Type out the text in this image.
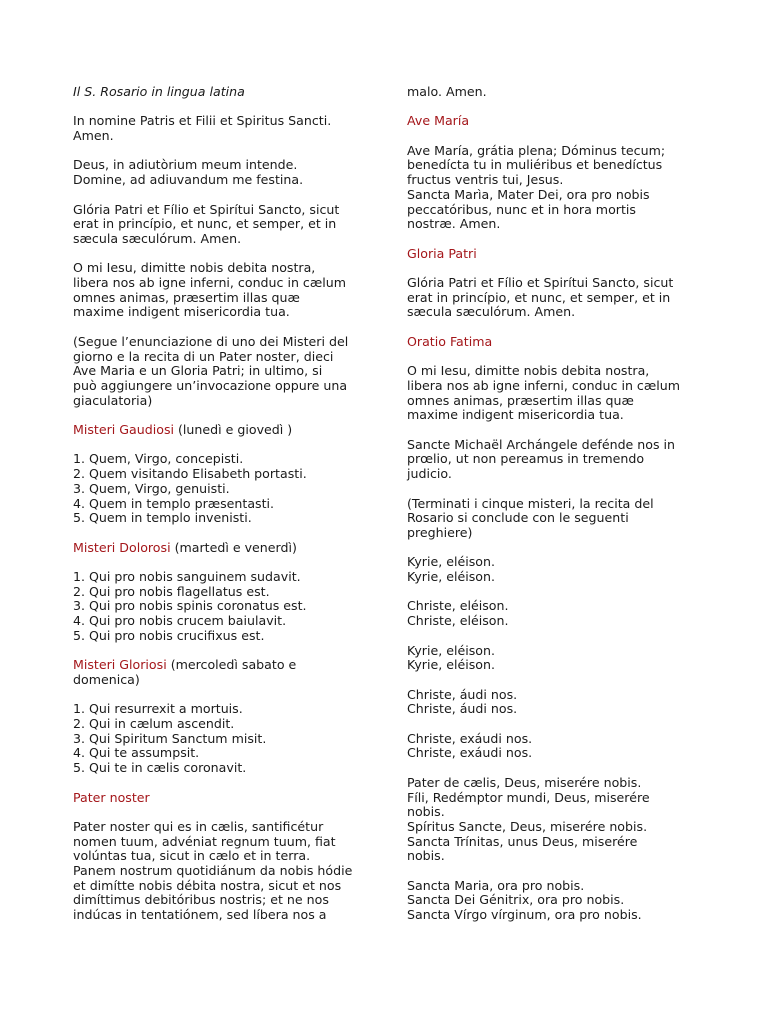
Il S. Rosario in lingua latina

In nomine Patris et Filii et Spiritus Sancti.
Amen.

Deus, in adiutòrium meum intende.
Domine, ad adiuvandum me festina.

Glória Patri et Fílio et Spirítui Sancto, sicut
erat in princípio, et nunc, et semper, et in
sæcula sæculórum. Amen.

O mi Iesu, dimitte nobis debita nostra,
libera nos ab igne inferni, conduc in cælum
omnes animas, præsertim illas quæ
maxime indigent misericordia tua.

(Segue l’enunciazione di uno dei Misteri del
giorno e la recita di un Pater noster, dieci
Ave Maria e un Gloria Patri; in ultimo, si
può aggiungere un’invocazione oppure una
giaculatoria)

Misteri Gaudiosi (lunedì e giovedì )

1. Quem, Virgo, concepisti.
2. Quem visitando Elisabeth portasti.
3. Quem, Virgo, genuisti.
4. Quem in templo præsentasti.
5. Quem in templo invenisti.

Misteri Dolorosi (martedì e venerdì)

1. Qui pro nobis sanguinem sudavit.
2. Qui pro nobis flagellatus est.
3. Qui pro nobis spinis coronatus est.
4. Qui pro nobis crucem baiulavit.
5. Qui pro nobis crucifixus est.

Misteri Gloriosi (mercoledì sabato e
domenica)

1. Qui resurrexit a mortuis.
2. Qui in cælum ascendit.
3. Qui Spiritum Sanctum misit.
4. Qui te assumpsit.
5. Qui te in cælis coronavit.

Pater noster

Pater noster qui es in cælis, santificétur
nomen tuum, advéniat regnum tuum, fiat
volúntas tua, sicut in cælo et in terra.
Panem nostrum quotidiánum da nobis hódie
et dimítte nobis débita nostra, sicut et nos
dimíttimus debitóribus nostris; et ne nos
indúcas in tentatiónem, sed líbera nos a

malo. Amen.

Ave María

Ave María, grátia plena; Dóminus tecum;
benedícta tu in muliéribus et benedíctus
fructus ventris tui, Jesus.
Sancta Marìa, Mater Dei, ora pro nobis
peccatóribus, nunc et in hora mortis
nostræ. Amen.

Gloria Patri

Glória Patri et Fílio et Spirítui Sancto, sicut
erat in princípio, et nunc, et semper, et in
sæcula sæculórum. Amen.

Oratio Fatima

O mi Iesu, dimitte nobis debita nostra,
libera nos ab igne inferni, conduc in cælum
omnes animas, præsertim illas quæ
maxime indigent misericordia tua.

Sancte Michaël Archángele defénde nos in
prœlio, ut non pereamus in tremendo
judicio.

(Terminati i cinque misteri, la recita del
Rosario si conclude con le seguenti
preghiere)

Kyrie, eléison.
Kyrie, eléison.

Christe, eléison.
Christe, eléison.

Kyrie, eléison.
Kyrie, eléison.

Christe, áudi nos.
Christe, áudi nos.

Christe, exáudi nos.
Christe, exáudi nos.

Pater de cælis, Deus, miserére nobis.
Fíli, Redémptor mundi, Deus, miserére
nobis.
Spíritus Sancte, Deus, miserére nobis.
Sancta Trínitas, unus Deus, miserére
nobis.

Sancta Maria, ora pro nobis.
Sancta Dei Génitrix, ora pro nobis.
Sancta Vírgo vírginum, ora pro nobis.
